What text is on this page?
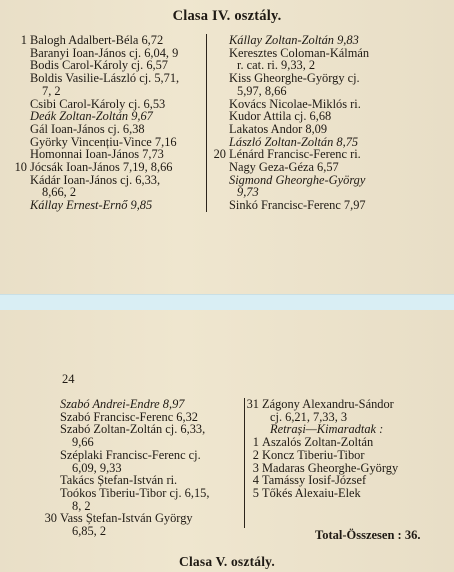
Clasa IV. osztály.
1 Balogh Adalbert-Béla 6,72
Baranyi Ioan-János cj. 6,04, 9
Bodis Carol-Károly cj. 6,57
Boldis Vasilie-László cj. 5,71,
7, 2
Csibi Carol-Károly cj. 6,53
Deák Zoltan-Zoltán 9,67
Gál Ioan-János cj. 6,38
Györky Vincențiu-Vince 7,16
Homonnai Ioan-János 7,73
10 Jócsák Ioan-János 7,19, 8,66
Kádár Ioan-János cj. 6,33,
8,66, 2
Kállay Ernest-Ernő 9,85
Kállay Zoltan-Zoltán 9,83
Keresztes Coloman-Kálmán
r. cat. ri. 9,33, 2
Kiss Gheorghe-György cj.
5,97, 8,66
Kovács Nicolae-Miklós ri.
Kudor Attila cj. 6,68
Lakatos Andor 8,09
László Zoltan-Zoltán 8,75
20 Lénárd Francisc-Ferenc ri.
Nagy Geza-Géza 6,57
Sigmond Gheorghe-György
9,73
Sinkó Francisc-Ferenc 7,97
24
Szabó Andrei-Endre 8,97
Szabó Francisc-Ferenc 6,32
Szabó Zoltan-Zoltán cj. 6,33,
9,66
Széplaki Francisc-Ferenc cj.
6,09, 9,33
Takács Ștefan-István ri.
Toókos Tiberiu-Tibor cj. 6,15,
8, 2
30 Vass Ștefan-István György
6,85, 2
31 Zágony Alexandru-Sándor
cj. 6,21, 7,33, 3
Retrași—Kimaradtak :
1 Aszalós Zoltan-Zoltán
2 Koncz Tiberiu-Tibor
3 Madaras Gheorghe-György
4 Tamássy Iosif-József
5 Tőkés Alexaiu-Elek
Total-Összesen : 36.
Clasa V. osztály.
